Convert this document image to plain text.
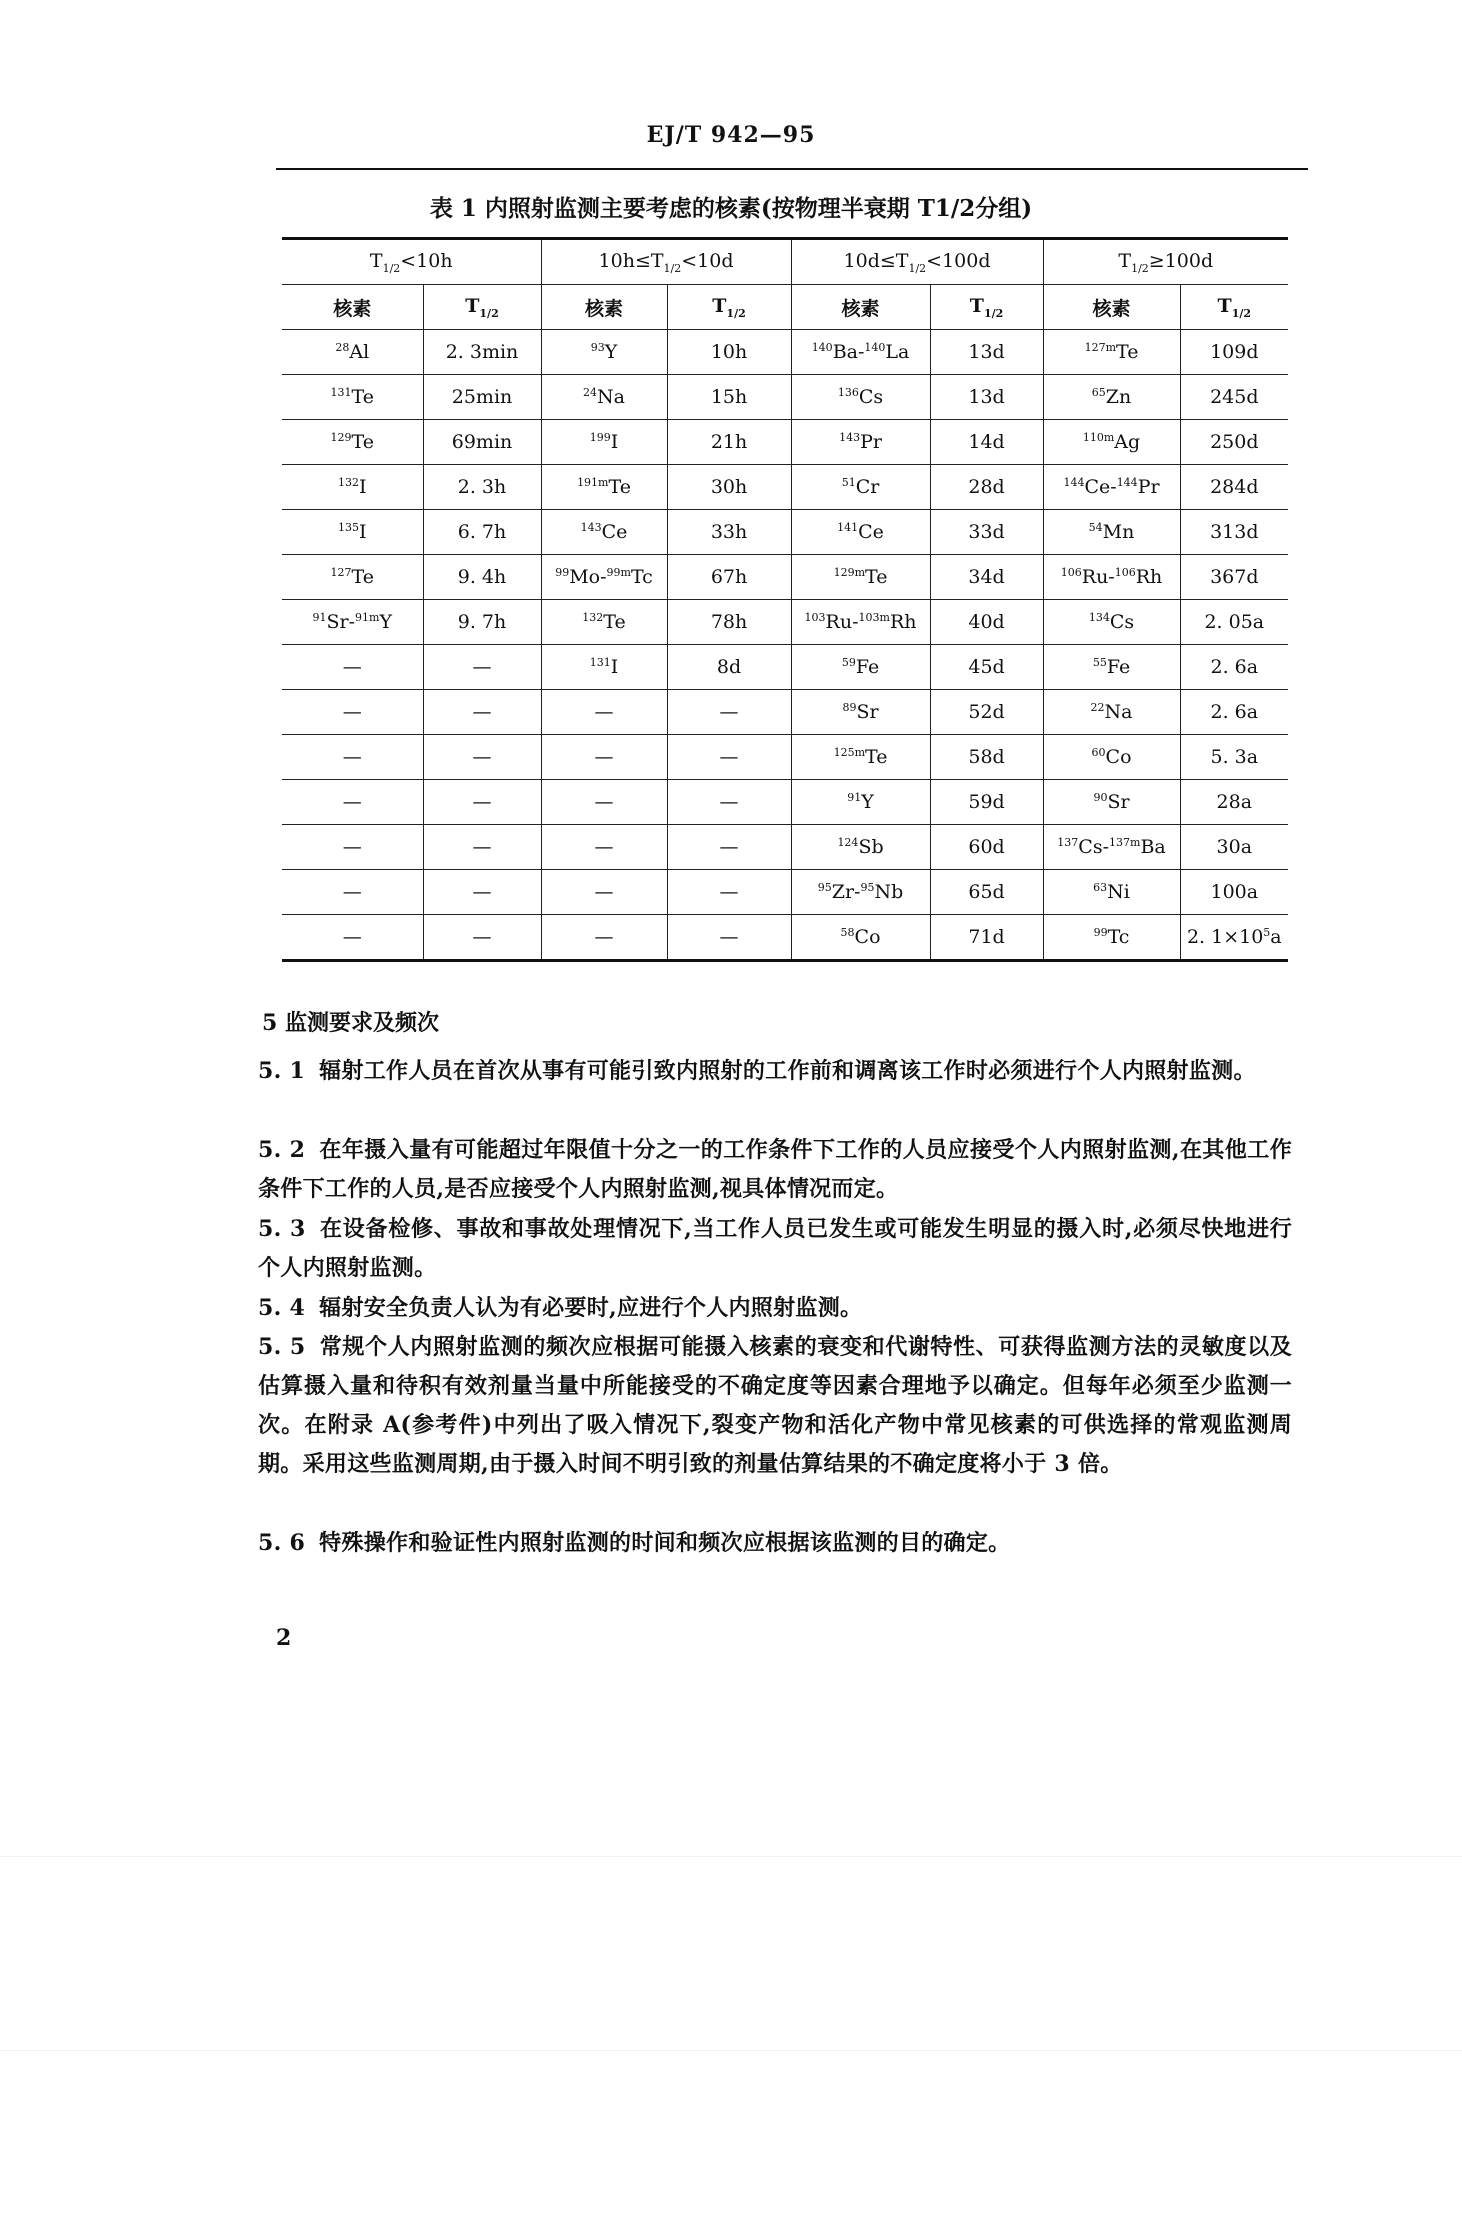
EJ/T 942—95
表 1 内照射监测主要考虑的核素(按物理半衰期 T1/2分组)
$T_{1/2}<10h$		$10h\le T_{1/2}<10d$		$10d\le T_{1/2}<100d$		$T_{1/2}\ge 100d$	
核素	$T_{1/2}$	核素	$T_{1/2}$	核素	$T_{1/2}$	核素	$T_{1/2}$
$^{28}$Al	2. 3min	$^{93}$Y	10h	$^{140}$Ba-$^{140}$La	13d	$^{127m}$Te	109d
$^{131}$Te	25min	$^{24}$Na	15h	$^{136}$Cs	13d	$^{65}$Zn	245d
$^{129}$Te	69min	$^{199}$I	21h	$^{143}$Pr	14d	$^{110m}$Ag	250d
$^{132}$I	2. 3h	$^{191m}$Te	30h	$^{51}$Cr	28d	$^{144}$Ce-$^{144}$Pr	284d
$^{135}$I	6. 7h	$^{143}$Ce	33h	$^{141}$Ce	33d	$^{54}$Mn	313d
$^{127}$Te	9. 4h	$^{99}$Mo-$^{99m}$Tc	67h	$^{129m}$Te	34d	$^{106}$Ru-$^{106}$Rh	367d
$^{91}$Sr-$^{91m}$Y	9. 7h	$^{132}$Te	78h	$^{103}$Ru-$^{103m}$Rh	40d	$^{134}$Cs	2. 05a
—	—	$^{131}$I	8d	$^{59}$Fe	45d	$^{55}$Fe	2. 6a
—	—	—	—	$^{89}$Sr	52d	$^{22}$Na	2. 6a
—	—	—	—	$^{125m}$Te	58d	$^{60}$Co	5. 3a
—	—	—	—	$^{91}$Y	59d	$^{90}$Sr	28a
—	—	—	—	$^{124}$Sb	60d	$^{137}$Cs-$^{137m}$Ba	30a
—	—	—	—	$^{95}$Zr-$^{95}$Nb	65d	$^{63}$Ni	100a
—	—	—	—	$^{58}$Co	71d	$^{99}$Tc	2. $1\times 10^5a$
5 监测要求及频次
5. 1 辐射工作人员在首次从事有可能引致内照射的工作前和调离该工作时必须进行个人内照射监测。
5. 2 在年摄入量有可能超过年限值十分之一的工作条件下工作的人员应接受个人内照射监测,在其他工作条件下工作的人员,是否应接受个人内照射监测,视具体情况而定。
5. 3 在设备检修、事故和事故处理情况下,当工作人员已发生或可能发生明显的摄入时,必须尽快地进行个人内照射监测。
5. 4 辐射安全负责人认为有必要时,应进行个人内照射监测。
5. 5 常规个人内照射监测的频次应根据可能摄入核素的衰变和代谢特性、可获得监测方法的灵敏度以及估算摄入量和待积有效剂量当量中所能接受的不确定度等因素合理地予以确定。但每年必须至少监测一次。在附录 A(参考件)中列出了吸入情况下,裂变产物和活化产物中常见核素的可供选择的常观监测周期。采用这些监测周期,由于摄入时间不明引致的剂量估算结果的不确定度将小于 3 倍。
5. 6 特殊操作和验证性内照射监测的时间和频次应根据该监测的目的确定。
2
